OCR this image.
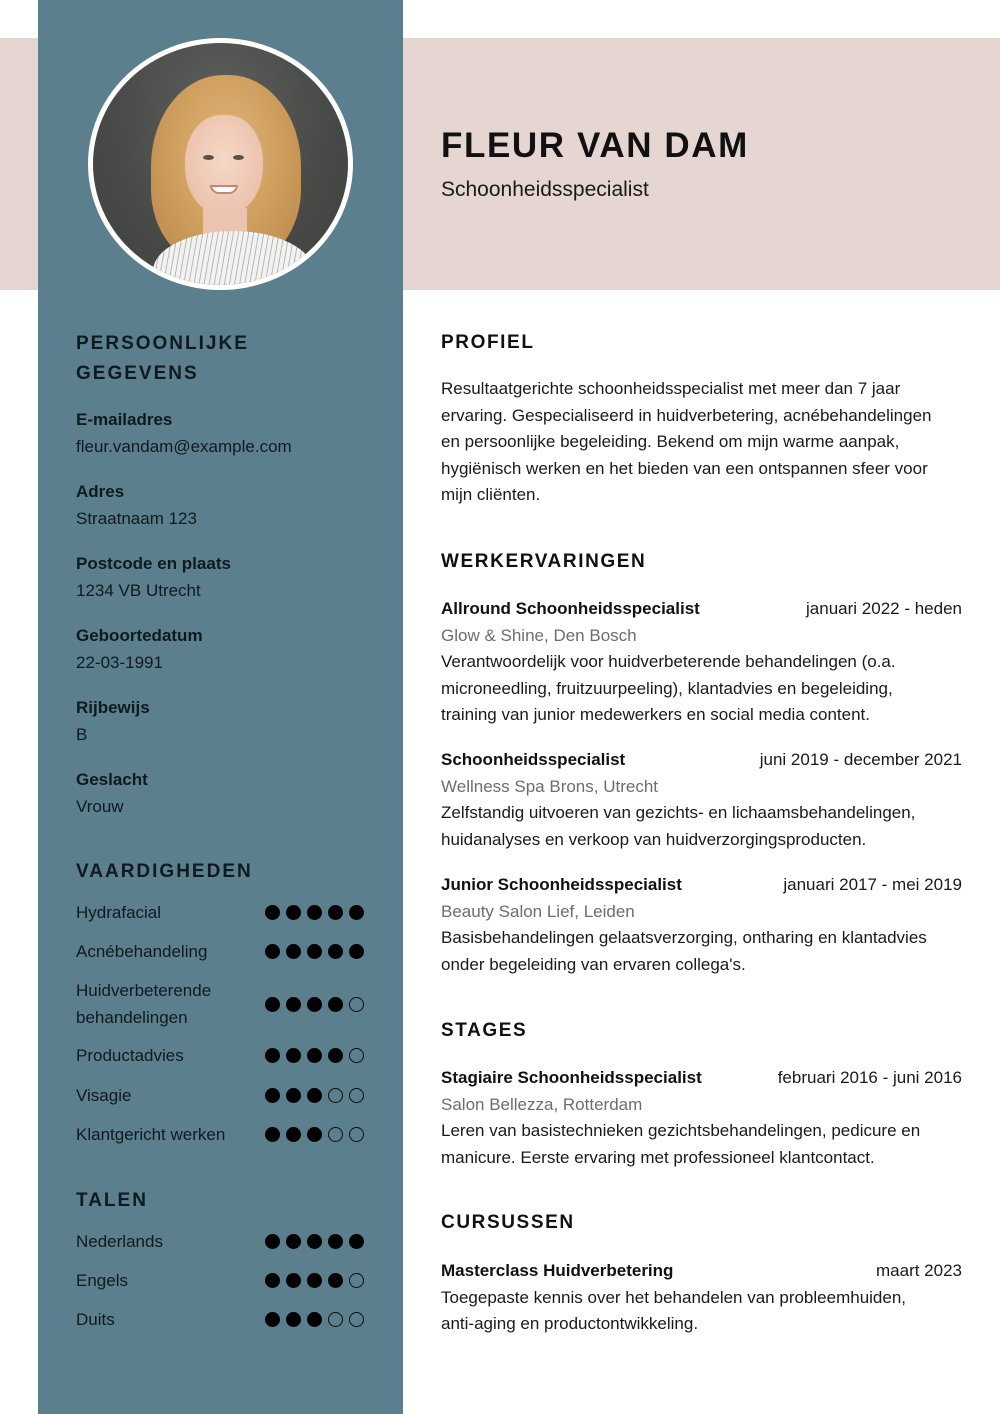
FLEUR VAN DAM
Schoonheidsspecialist
PERSOONLIJKE
GEGEVENS
E-mailadres
fleur.vandam@example.com
Adres
Straatnaam 123
Postcode en plaats
1234 VB Utrecht
Geboortedatum
22-03-1991
Rijbewijs
B
Geslacht
Vrouw
VAARDIGHEDEN
Hydrafacial
Acnébehandeling
Huidverbeterende
behandelingen
Productadvies
Visagie
Klantgericht werken
TALEN
Nederlands
Engels
Duits
PROFIEL
Resultaatgerichte schoonheidsspecialist met meer dan 7 jaar
ervaring. Gespecialiseerd in huidverbetering, acnébehandelingen
en persoonlijke begeleiding. Bekend om mijn warme aanpak,
hygiënisch werken en het bieden van een ontspannen sfeer voor
mijn cliënten.
WERKERVARINGEN
Allround Schoonheidsspecialist	januari 2022 - heden
Glow & Shine, Den Bosch
Verantwoordelijk voor huidverbeterende behandelingen (o.a.
microneedling, fruitzuurpeeling), klantadvies en begeleiding,
training van junior medewerkers en social media content.
Schoonheidsspecialist	juni 2019 - december 2021
Wellness Spa Brons, Utrecht
Zelfstandig uitvoeren van gezichts- en lichaamsbehandelingen,
huidanalyses en verkoop van huidverzorgingsproducten.
Junior Schoonheidsspecialist	januari 2017 - mei 2019
Beauty Salon Lief, Leiden
Basisbehandelingen gelaatsverzorging, ontharing en klantadvies
onder begeleiding van ervaren collega's.
STAGES
Stagiaire Schoonheidsspecialist	februari 2016 - juni 2016
Salon Bellezza, Rotterdam
Leren van basistechnieken gezichtsbehandelingen, pedicure en
manicure. Eerste ervaring met professioneel klantcontact.
CURSUSSEN
Masterclass Huidverbetering	maart 2023
Toegepaste kennis over het behandelen van probleemhuiden,
anti-aging en productontwikkeling.
